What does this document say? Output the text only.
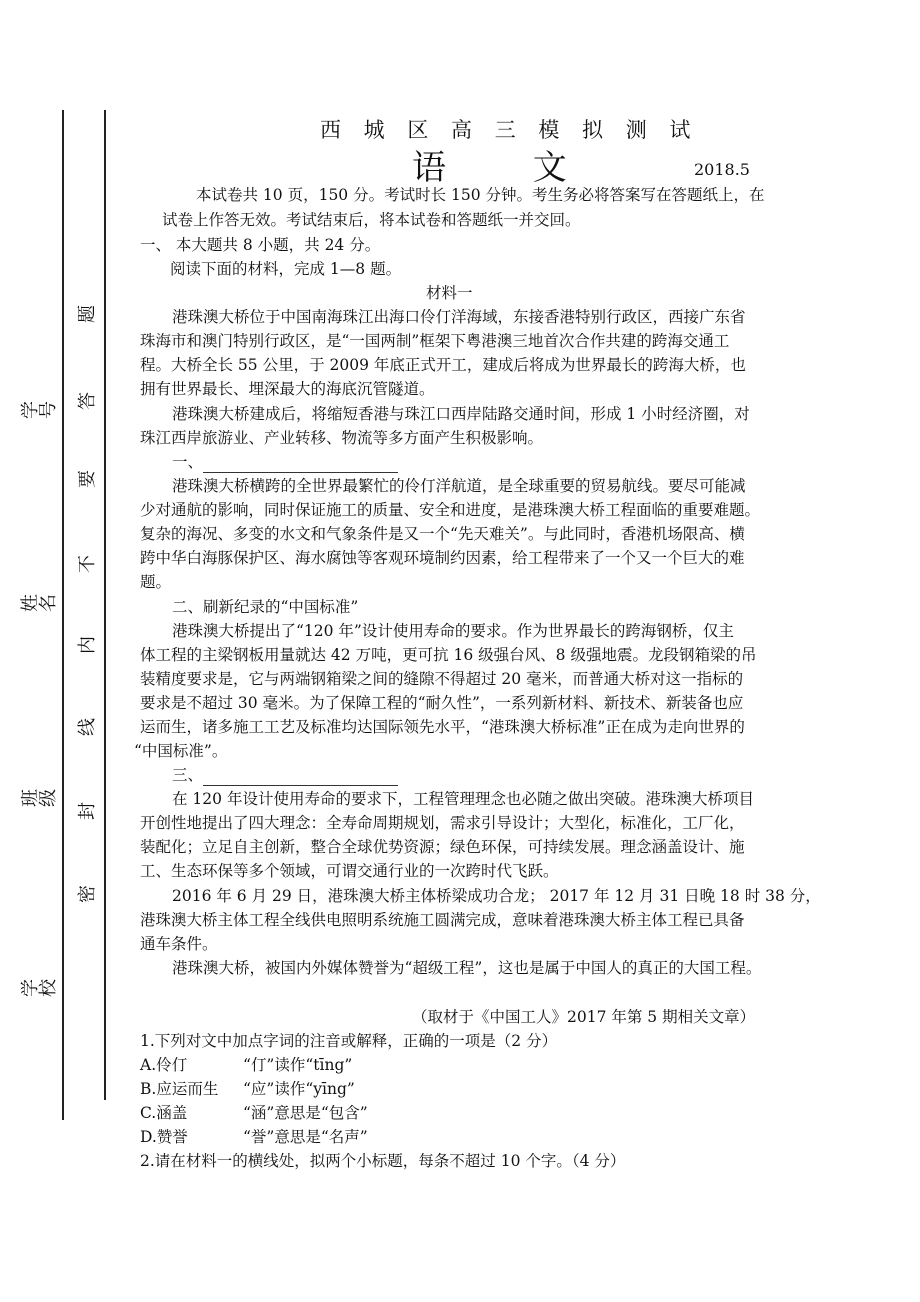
学号
姓名
班级
学校
题
答
要
不
内
线
封
密
西 城 区 高 三 模 拟 测 试
语 文	2018.5
本试卷共 10 页，150 分。考试时长 150 分钟。考生务必将答案写在答题纸上，在
试卷上作答无效。考试结束后，将本试卷和答题纸一并交回。
一、 本大题共 8 小题，共 24 分。
阅读下面的材料，完成 1—8 题。
材料一
港珠澳大桥位于中国南海珠江出海口伶仃洋海域，东接香港特别行政区，西接广东省
珠海市和澳门特别行政区，是“一国两制”框架下粤港澳三地首次合作共建的跨海交通工
程。大桥全长 55 公里，于 2009 年底正式开工，建成后将成为世界最长的跨海大桥，也
拥有世界最长、埋深最大的海底沉管隧道。
港珠澳大桥建成后，将缩短香港与珠江口西岸陆路交通时间，形成 1 小时经济圈，对
珠江西岸旅游业、产业转移、物流等多方面产生积极影响。
一、
港珠澳大桥横跨的全世界最繁忙的伶仃洋航道，是全球重要的贸易航线。要尽可能减
少对通航的影响，同时保证施工的质量、安全和进度，是港珠澳大桥工程面临的重要难题。
复杂的海况、多变的水文和气象条件是又一个“先天难关”。与此同时，香港机场限高、横
跨中华白海豚保护区、海水腐蚀等客观环境制约因素，给工程带来了一个又一个巨大的难
题。
二、刷新纪录的“中国标准”
港珠澳大桥提出了“120 年”设计使用寿命的要求。作为世界最长的跨海钢桥，仅主
体工程的主梁钢板用量就达 42 万吨，更可抗 16 级强台风、8 级强地震。龙段钢箱梁的吊
装精度要求是，它与两端钢箱梁之间的缝隙不得超过 20 毫米，而普通大桥对这一指标的
要求是不超过 30 毫米。为了保障工程的“耐久性”，一系列新材料、新技术、新装备也应
运而生，诸多施工工艺及标准均达国际领先水平，“港珠澳大桥标准”正在成为走向世界的
“中国标准”。
三、
在 120 年设计使用寿命的要求下，工程管理理念也必随之做出突破。港珠澳大桥项目
开创性地提出了四大理念：全寿命周期规划，需求引导设计；大型化，标准化，工厂化，
装配化；立足自主创新，整合全球优势资源；绿色环保，可持续发展。理念涵盖设计、施
工、生态环保等多个领域，可谓交通行业的一次跨时代飞跃。
2016 年 6 月 29 日，港珠澳大桥主体桥梁成功合龙； 2017 年 12 月 31 日晚 18 时 38 分，
港珠澳大桥主体工程全线供电照明系统施工圆满完成，意味着港珠澳大桥主体工程已具备
通车条件。
港珠澳大桥，被国内外媒体赞誉为“超级工程”，这也是属于中国人的真正的大国工程。
（取材于《中国工人》2017 年第 5 期相关文章）
1.下列对文中加点字词的注音或解释，正确的一项是（2 分）
A.伶仃	“仃”读作“tīng”
B.应运而生 “应”读作“yīng”
C.涵盖	“涵”意思是“包含”
D.赞誉	“誉”意思是“名声”
2.请在材料一的横线处，拟两个小标题，每条不超过 10 个字。（4 分）
